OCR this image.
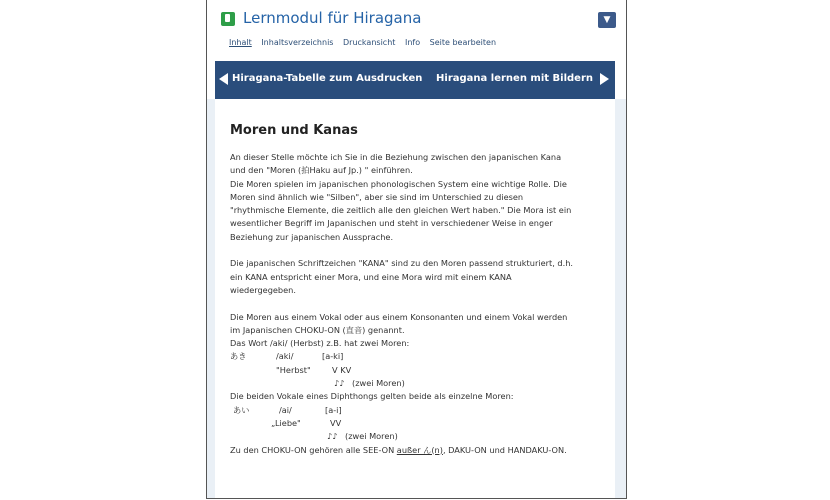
Lernmodul für Hiragana	▼
Inhalt Inhaltsverzeichnis Druckansicht Info Seite bearbeiten
Hiragana-Tabelle zum Ausdrucken Hiragana lernen mit Bildern
Moren und Kanas
An dieser Stelle möchte ich Sie in die Beziehung zwischen den japanischen Kana
und den "Moren (拍Haku auf Jp.) " einführen.
Die Moren spielen im japanischen phonologischen System eine wichtige Rolle. Die
Moren sind ähnlich wie "Silben", aber sie sind im Unterschied zu diesen
"rhythmische Elemente, die zeitlich alle den gleichen Wert haben." Die Mora ist ein
wesentlicher Begriff im Japanischen und steht in verschiedener Weise in enger
Beziehung zur japanischen Aussprache.
Die japanischen Schriftzeichen "KANA" sind zu den Moren passend strukturiert, d.h.
ein KANA entspricht einer Mora, und eine Mora wird mit einem KANA
wiedergegeben.
Die Moren aus einem Vokal oder aus einem Konsonanten und einem Vokal werden
im Japanischen CHOKU-ON (直音) genannt.
Das Wort /aki/ (Herbst) z.B. hat zwei Moren:
あき	/aki/	[a-ki]
"Herbst"	V KV
♪♪ (zwei Moren)
Die beiden Vokale eines Diphthongs gelten beide als einzelne Moren:
あい	/ai/	[a-i]
„Liebe"	VV
♪♪ (zwei Moren)
Zu den CHOKU-ON gehören alle SEE-ON außer ん(n), DAKU-ON und HANDAKU-ON.
